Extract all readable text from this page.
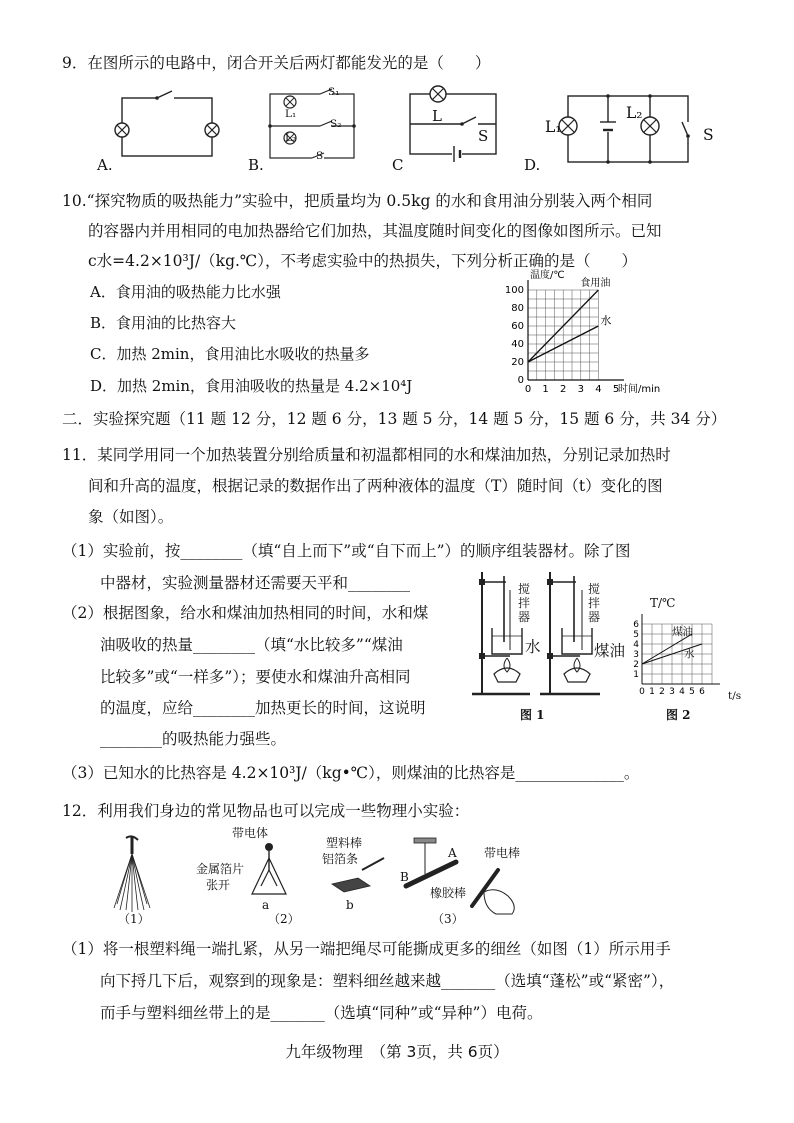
9．在图所示的电路中，闭合开关后两灯都能发光的是（　　）
A.
L₁
L₂
S₁
S₂
S
B.
L
S
C
L₁
L₂
S
D.
10.“探究物质的吸热能力”实验中，把质量均为 0.5kg 的水和食用油分别装入两个相同
的容器内并用相同的电加热器给它们加热，其温度随时间变化的图像如图所示。已知
c水=4.2×10³J/（kg.℃），不考虑实验中的热损失，下列分析正确的是（　　）
A．食用油的吸热能力比水强
B．食用油的比热容大
C．加热 2min，食用油比水吸收的热量多
D．加热 2min，食用油吸收的热量是 4.2×10⁴J	0 1 2 3 4 5
0
20
40
60
80
100
温度/℃
时间/min
食用油
水
二．实验探究题（11 题 12 分，12 题 6 分，13 题 5 分，14 题 5 分，15 题 6 分，共 34 分）
11．某同学用同一个加热装置分别给质量和初温都相同的水和煤油加热，分别记录加热时
间和升高的温度，根据记录的数据作出了两种液体的温度（T）随时间（t）变化的图
象（如图）。
（1）实验前，按________（填“自上而下”或“自下而上”）的顺序组装器材。除了图
中器材，实验测量器材还需要天平和________
（2）根据图象，给水和煤油加热相同的时间，水和煤
油吸收的热量________（填“水比较多”“煤油
比较多”或“一样多”）；要使水和煤油升高相同
的温度，应给________加热更长的时间，这说明
________的吸热能力强些。
（3）已知水的比热容是 4.2×10³J/（kg•℃），则煤油的比热容是______________。
搅拌器
搅拌器
水	煤油
图 1
0 1 2 3 4 5 6
1
2
3
4
5
6
T/℃
t/s
煤油
水
图 2
12．利用我们身边的常见物品也可以完成一些物理小实验：
（1）
带电体
金属箔片
张开
a
塑料棒
铝箔条
b
（2）
A
B
带电棒
橡胶棒
（3）
（1）将一根塑料绳一端扎紧，从另一端把绳尽可能撕成更多的细丝（如图（1）所示用手
向下捋几下后，观察到的现象是：塑料细丝越来越_______（选填“蓬松”或“紧密”），
而手与塑料细丝带上的是_______（选填“同种”或“异种”）电荷。
九年级物理　（第 3页，共 6页）
